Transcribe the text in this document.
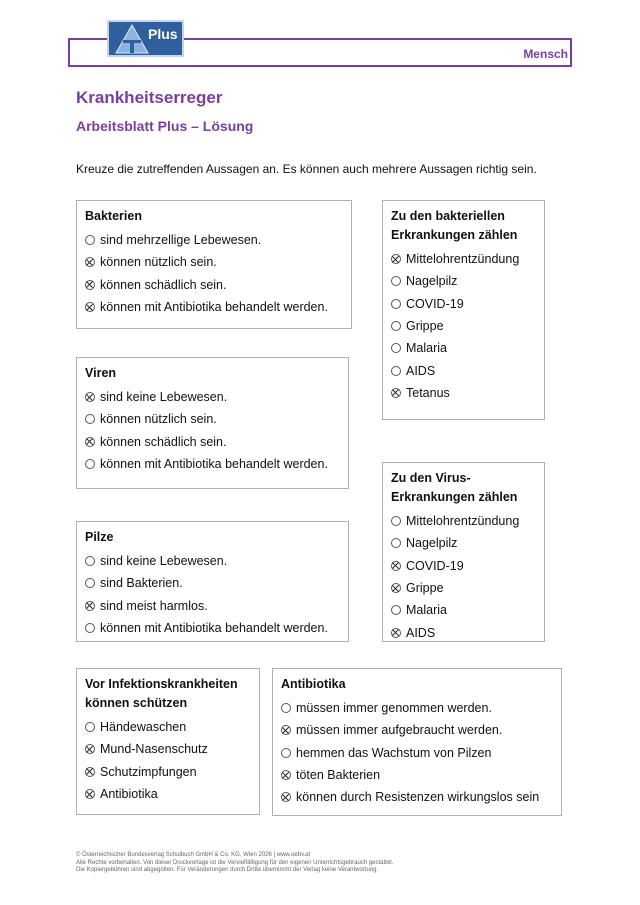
Plus
Mensch
Krankheitserreger
Arbeitsblatt Plus – Lösung
Kreuze die zutreffenden Aussagen an. Es können auch mehrere Aussagen richtig sein.
Bakterien
sind mehrzellige Lebewesen.
können nützlich sein.
können schädlich sein.
können mit Antibiotika behandelt werden.
Viren
sind keine Lebewesen.
können nützlich sein.
können schädlich sein.
können mit Antibiotika behandelt werden.
Pilze
sind keine Lebewesen.
sind Bakterien.
sind meist harmlos.
können mit Antibiotika behandelt werden.
Zu den bakteriellen Erkrankungen zählen
Mittelohrentzündung
Nagelpilz
COVID-19
Grippe
Malaria
AIDS
Tetanus
Zu den Virus-Erkrankungen zählen
Mittelohrentzündung
Nagelpilz
COVID-19
Grippe
Malaria
AIDS
Vor Infektionskrankheiten können schützen
Händewaschen
Mund-Nasenschutz
Schutzimpfungen
Antibiotika
Antibiotika
müssen immer genommen werden.
müssen immer aufgebraucht werden.
hemmen das Wachstum von Pilzen
töten Bakterien
können durch Resistenzen wirkungslos sein
© Österreichischer Bundesverlag Schulbuch GmbH & Co. KG, Wien 2026 | www.oebv.at
Alle Rechte vorbehalten. Von dieser Druckvorlage ist die Vervielfältigung für den eigenen Unterrichtsgebrauch gestattet.
Die Kopiergebühren sind abgegolten. Für Veränderungen durch Dritte übernimmt der Verlag keine Verantwortung.
